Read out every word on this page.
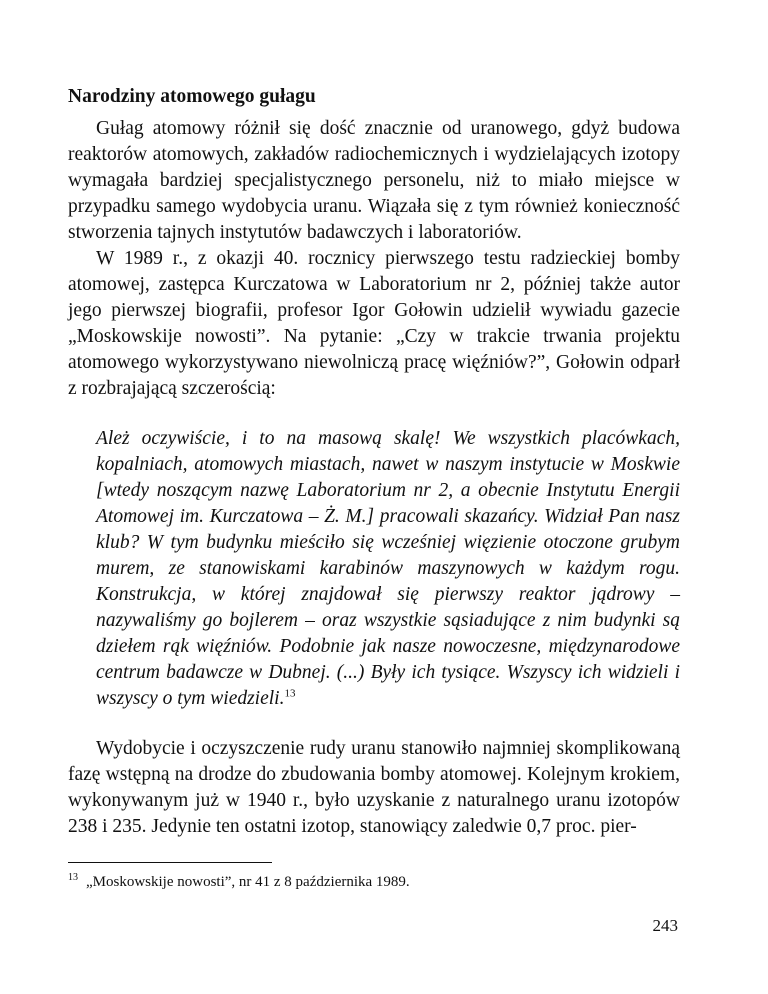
Narodziny atomowego gułagu

Gułag atomowy różnił się dość znacznie od uranowego, gdyż budowa reaktorów atomowych, zakładów radiochemicznych i wydzielających izotopy wymagała bardziej specjalistycznego personelu, niż to miało miejsce w przypadku samego wydobycia uranu. Wiązała się z tym również konieczność stworzenia tajnych instytutów badawczych i laboratoriów.

W 1989 r., z okazji 40. rocznicy pierwszego testu radzieckiej bomby atomowej, zastępca Kurczatowa w Laboratorium nr 2, później także autor jego pierwszej biografii, profesor Igor Gołowin udzielił wywiadu gazecie „Moskowskije nowosti”. Na pytanie: „Czy w trakcie trwania projektu atomowego wykorzystywano niewolniczą pracę więźniów?”, Gołowin odparł z rozbrajającą szczerością:

Ależ oczywiście, i to na masową skalę! We wszystkich placówkach, kopalniach, atomowych miastach, nawet w naszym instytucie w Moskwie [wtedy noszącym nazwę Laboratorium nr 2, a obecnie Instytutu Energii Atomowej im. Kurczatowa – Ż. M.] pracowali skazańcy. Widział Pan nasz klub? W tym budynku mieściło się wcześniej więzienie otoczone grubym murem, ze stanowiskami karabinów maszynowych w każdym rogu. Konstrukcja, w której znajdował się pierwszy reaktor jądrowy – nazywaliśmy go bojlerem – oraz wszystkie sąsiadujące z nim budynki są dziełem rąk więźniów. Podobnie jak nasze nowoczesne, międzynarodowe centrum badawcze w Dubnej. (...) Były ich tysiące. Wszyscy ich widzieli i wszyscy o tym wiedzieli.$^{13}$

Wydobycie i oczyszczenie rudy uranu stanowiło najmniej skomplikowaną fazę wstępną na drodze do zbudowania bomby atomowej. Kolejnym krokiem, wykonywanym już w 1940 r., było uzyskanie z naturalnego uranu izotopów 238 i 235. Jedynie ten ostatni izotop, stanowiący zaledwie 0,7 proc. pier-

$^{13}$ „Moskowskije nowosti”, nr 41 z 8 października 1989.
243
